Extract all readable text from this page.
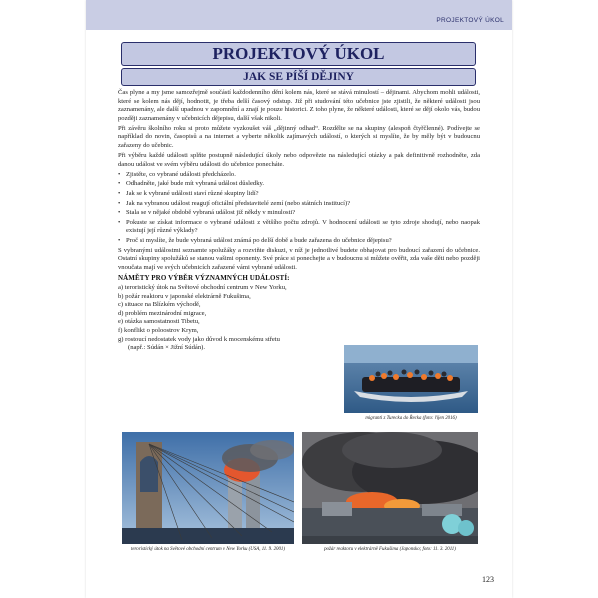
PROJEKTOVÝ ÚKOL
PROJEKTOVÝ ÚKOL
JAK SE PÍŠÍ DĚJINY

Čas plyne a my jsme samozřejmě součástí každodenního dění kolem nás, které se stává minulostí – dějinami. Abychom mohli události, které se kolem nás dějí, hodnotit, je třeba delší časový odstup. Již při studování této učebnice jste zjistili, že některé události jsou zaznamenány, ale další upadnou v zapomnění a znají je pouze historici. Z toho plyne, že některé události, které se dějí okolo vás, budou později zaznamenány v učebnicích dějepisu, další však nikoli.

Při závěru školního roku si proto můžete vyzkoušet váš „dějinný odhad“. Rozdělte se na skupiny (alespoň čtyřčlenné). Podívejte se například do novin, časopisů a na internet a vyberte několik zajímavých událostí, o kterých si myslíte, že by měly být v budoucnu zařazeny do učebnic.

Při výběru každé události splňte postupně následující úkoly nebo odpovězte na následující otázky a pak definitivně rozhodněte, zda danou událost ve svém výběru události do učebnice ponecháte.

• Zjistěte, co vybrané události předcházelo.
• Odhadněte, jaké bude mít vybraná událost důsledky.
• Jak se k vybrané události staví různé skupiny lidí?
• Jak na vybranou událost reagují oficiální představitelé zemí (nebo státních institucí)?
• Stala se v nějaké obdobě vybraná událost již někdy v minulosti?
• Pokuste se získat informace o vybrané události z většího počtu zdrojů. V hodnocení události se tyto zdroje shodují, nebo naopak existují její různé výklady?
• Proč si myslíte, že bude vybraná událost známá po delší době a bude zařazena do učebnice dějepisu?

S vybranými událostmi seznamte spolužáky a rozviňte diskuzi, v níž je jednotlivé budete obhajovat pro budoucí zařazení do učebnice. Ostatní skupiny spolužáků se stanou vašimi oponenty. Své práce si ponechejte a v budoucnu si můžete ověřit, zda vaše děti nebo později vnoučata mají ve svých učebnicích zařazené vámi vybrané události.

NÁMĚTY PRO VÝBĚR VÝZNAMNÝCH UDÁLOSTÍ:
a) teroristický útok na Světové obchodní centrum v New Yorku,
b) požár reaktoru v japonské elektrárně Fukušima,
c) situace na Blízkém východě,
d) problém mezinárodní migrace,
e) otázka samostatnosti Tibetu,
f) konflikt o poloostrov Krym,
g) rostoucí nedostatek vody jako důvod k mocenskému střetu
(např.: Súdán × Jižní Súdán).
migranti z Turecka do Řecka (foto: říjen 2016)
teroristický útok na Světové obchodní centrum v New Yorku (USA, 11. 9. 2001)	požár reaktoru v elektrárně Fukušima (Japonsko; foto: 11. 3. 2011)
123
